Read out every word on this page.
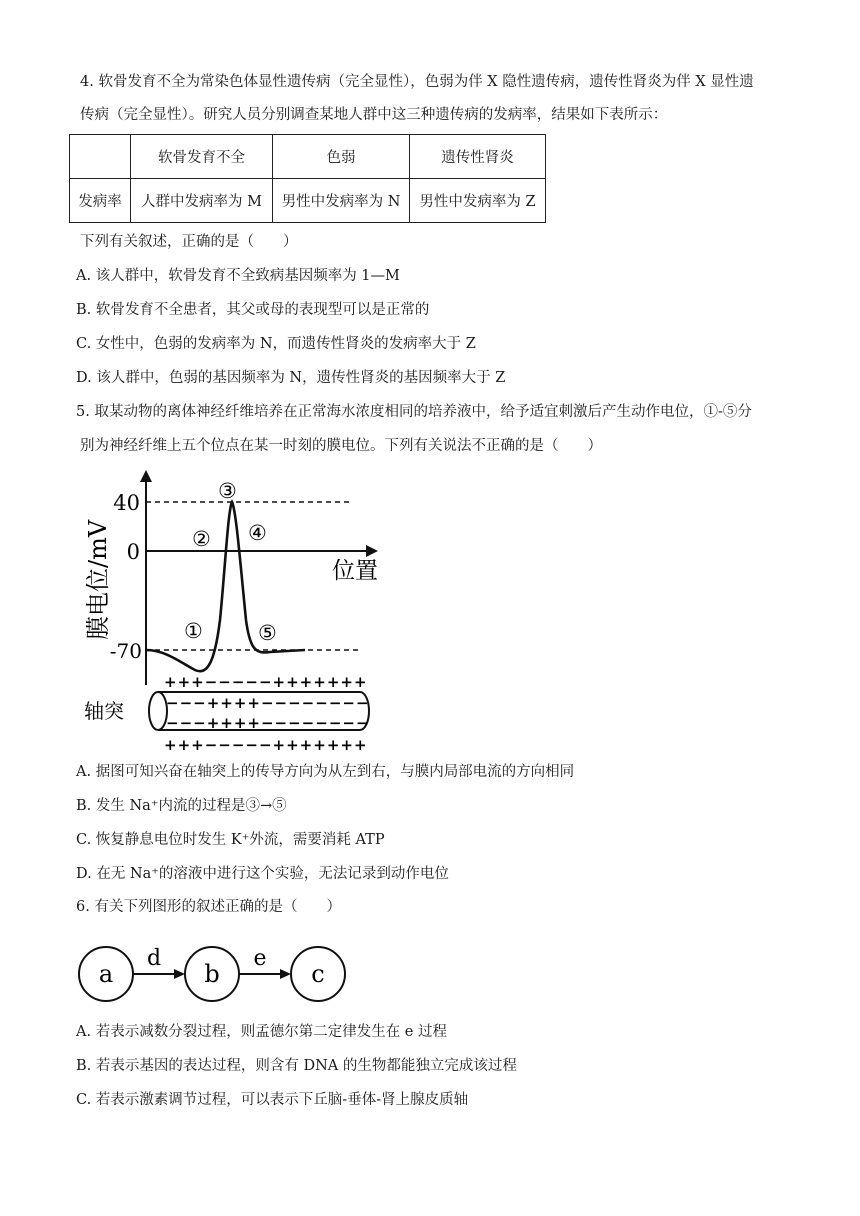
4. 软骨发育不全为常染色体显性遗传病（完全显性），色弱为伴 X 隐性遗传病，遗传性肾炎为伴 X 显性遗
传病（完全显性）。研究人员分别调查某地人群中这三种遗传病的发病率，结果如下表所示：
	软骨发育不全	色弱	遗传性肾炎
发病率	人群中发病率为 M	男性中发病率为 N	男性中发病率为 Z
下列有关叙述，正确的是（　　）
A. 该人群中，软骨发育不全致病基因频率为 1—M
B. 软骨发育不全患者，其父或母的表现型可以是正常的
C. 女性中，色弱的发病率为 N，而遗传性肾炎的发病率大于 Z
D. 该人群中，色弱的基因频率为 N，遗传性肾炎的基因频率大于 Z
5. 取某动物的离体神经纤维培养在正常海水浓度相同的培养液中，给予适宜刺激后产生动作电位，①-⑤分
别为神经纤维上五个位点在某一时刻的膜电位。下列有关说法不正确的是（　　）
40
0
-70
膜电位/mV	位置
①
②
③
④
⑤
轴突
+++−−−−−+++++++
−−−++++−−−−−−−−
−−−++++−−−−−−−−
+++−−−−−+++++++
A. 据图可知兴奋在轴突上的传导方向为从左到右，与膜内局部电流的方向相同
B. 发生 Na⁺内流的过程是③→⑤
C. 恢复静息电位时发生 K⁺外流，需要消耗 ATP
D. 在无 Na⁺的溶液中进行这个实验，无法记录到动作电位
6. 有关下列图形的叙述正确的是（　　）
a	b	c
d	e
A. 若表示减数分裂过程，则孟德尔第二定律发生在 e 过程
B. 若表示基因的表达过程，则含有 DNA 的生物都能独立完成该过程
C. 若表示激素调节过程，可以表示下丘脑-垂体-肾上腺皮质轴
